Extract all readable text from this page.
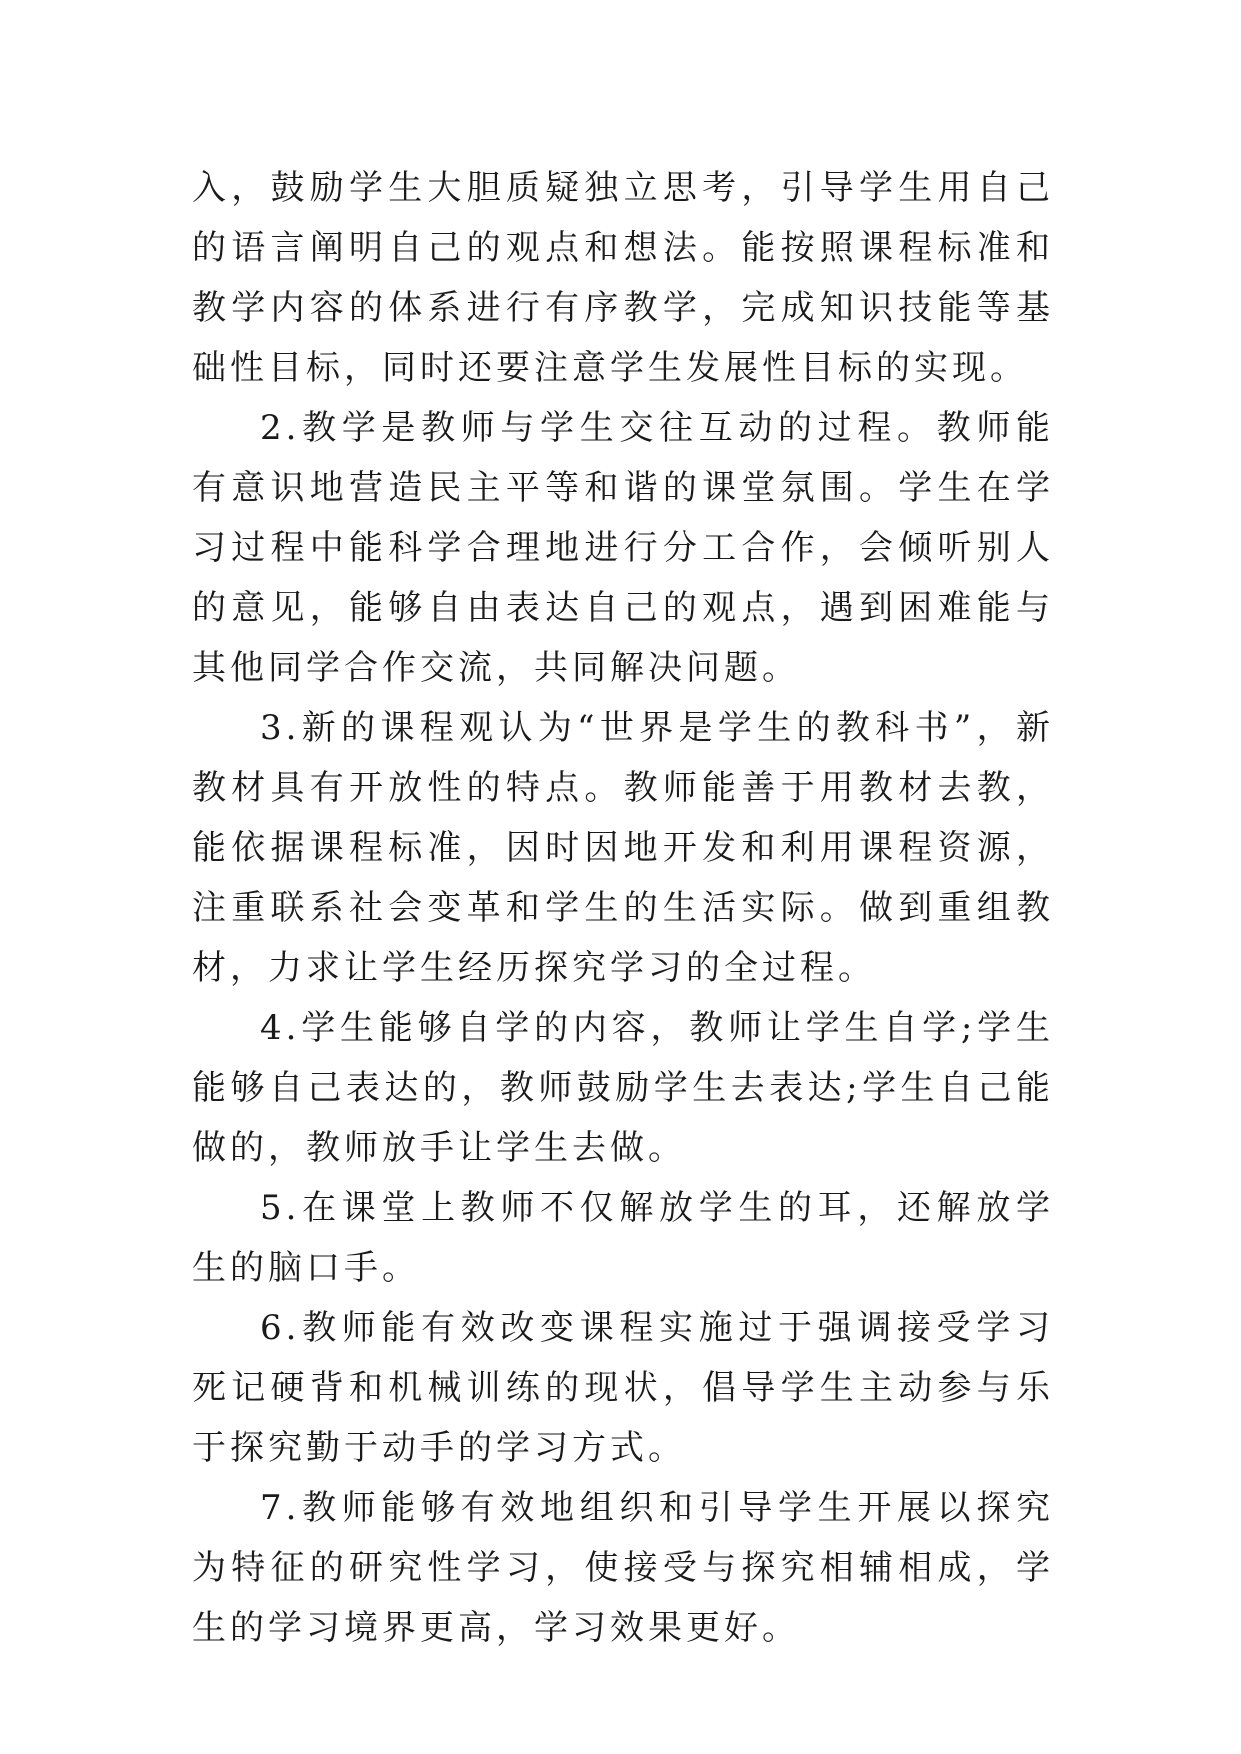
入，鼓励学生大胆质疑独立思考，引导学生用自己的语言阐明自己的观点和想法。能按照课程标准和教学内容的体系进行有序教学，完成知识技能等基础性目标，同时还要注意学生发展性目标的实现。

2.教学是教师与学生交往互动的过程。教师能有意识地营造民主平等和谐的课堂氛围。学生在学习过程中能科学合理地进行分工合作，会倾听别人的意见，能够自由表达自己的观点，遇到困难能与其他同学合作交流，共同解决问题。

3.新的课程观认为“世界是学生的教科书”，新教材具有开放性的特点。教师能善于用教材去教，能依据课程标准，因时因地开发和利用课程资源，注重联系社会变革和学生的生活实际。做到重组教材，力求让学生经历探究学习的全过程。

4.学生能够自学的内容，教师让学生自学;学生能够自己表达的，教师鼓励学生去表达;学生自己能做的，教师放手让学生去做。

5.在课堂上教师不仅解放学生的耳，还解放学生的脑口手。

6.教师能有效改变课程实施过于强调接受学习死记硬背和机械训练的现状，倡导学生主动参与乐于探究勤于动手的学习方式。

7.教师能够有效地组织和引导学生开展以探究为特征的研究性学习，使接受与探究相辅相成，学生的学习境界更高，学习效果更好。
